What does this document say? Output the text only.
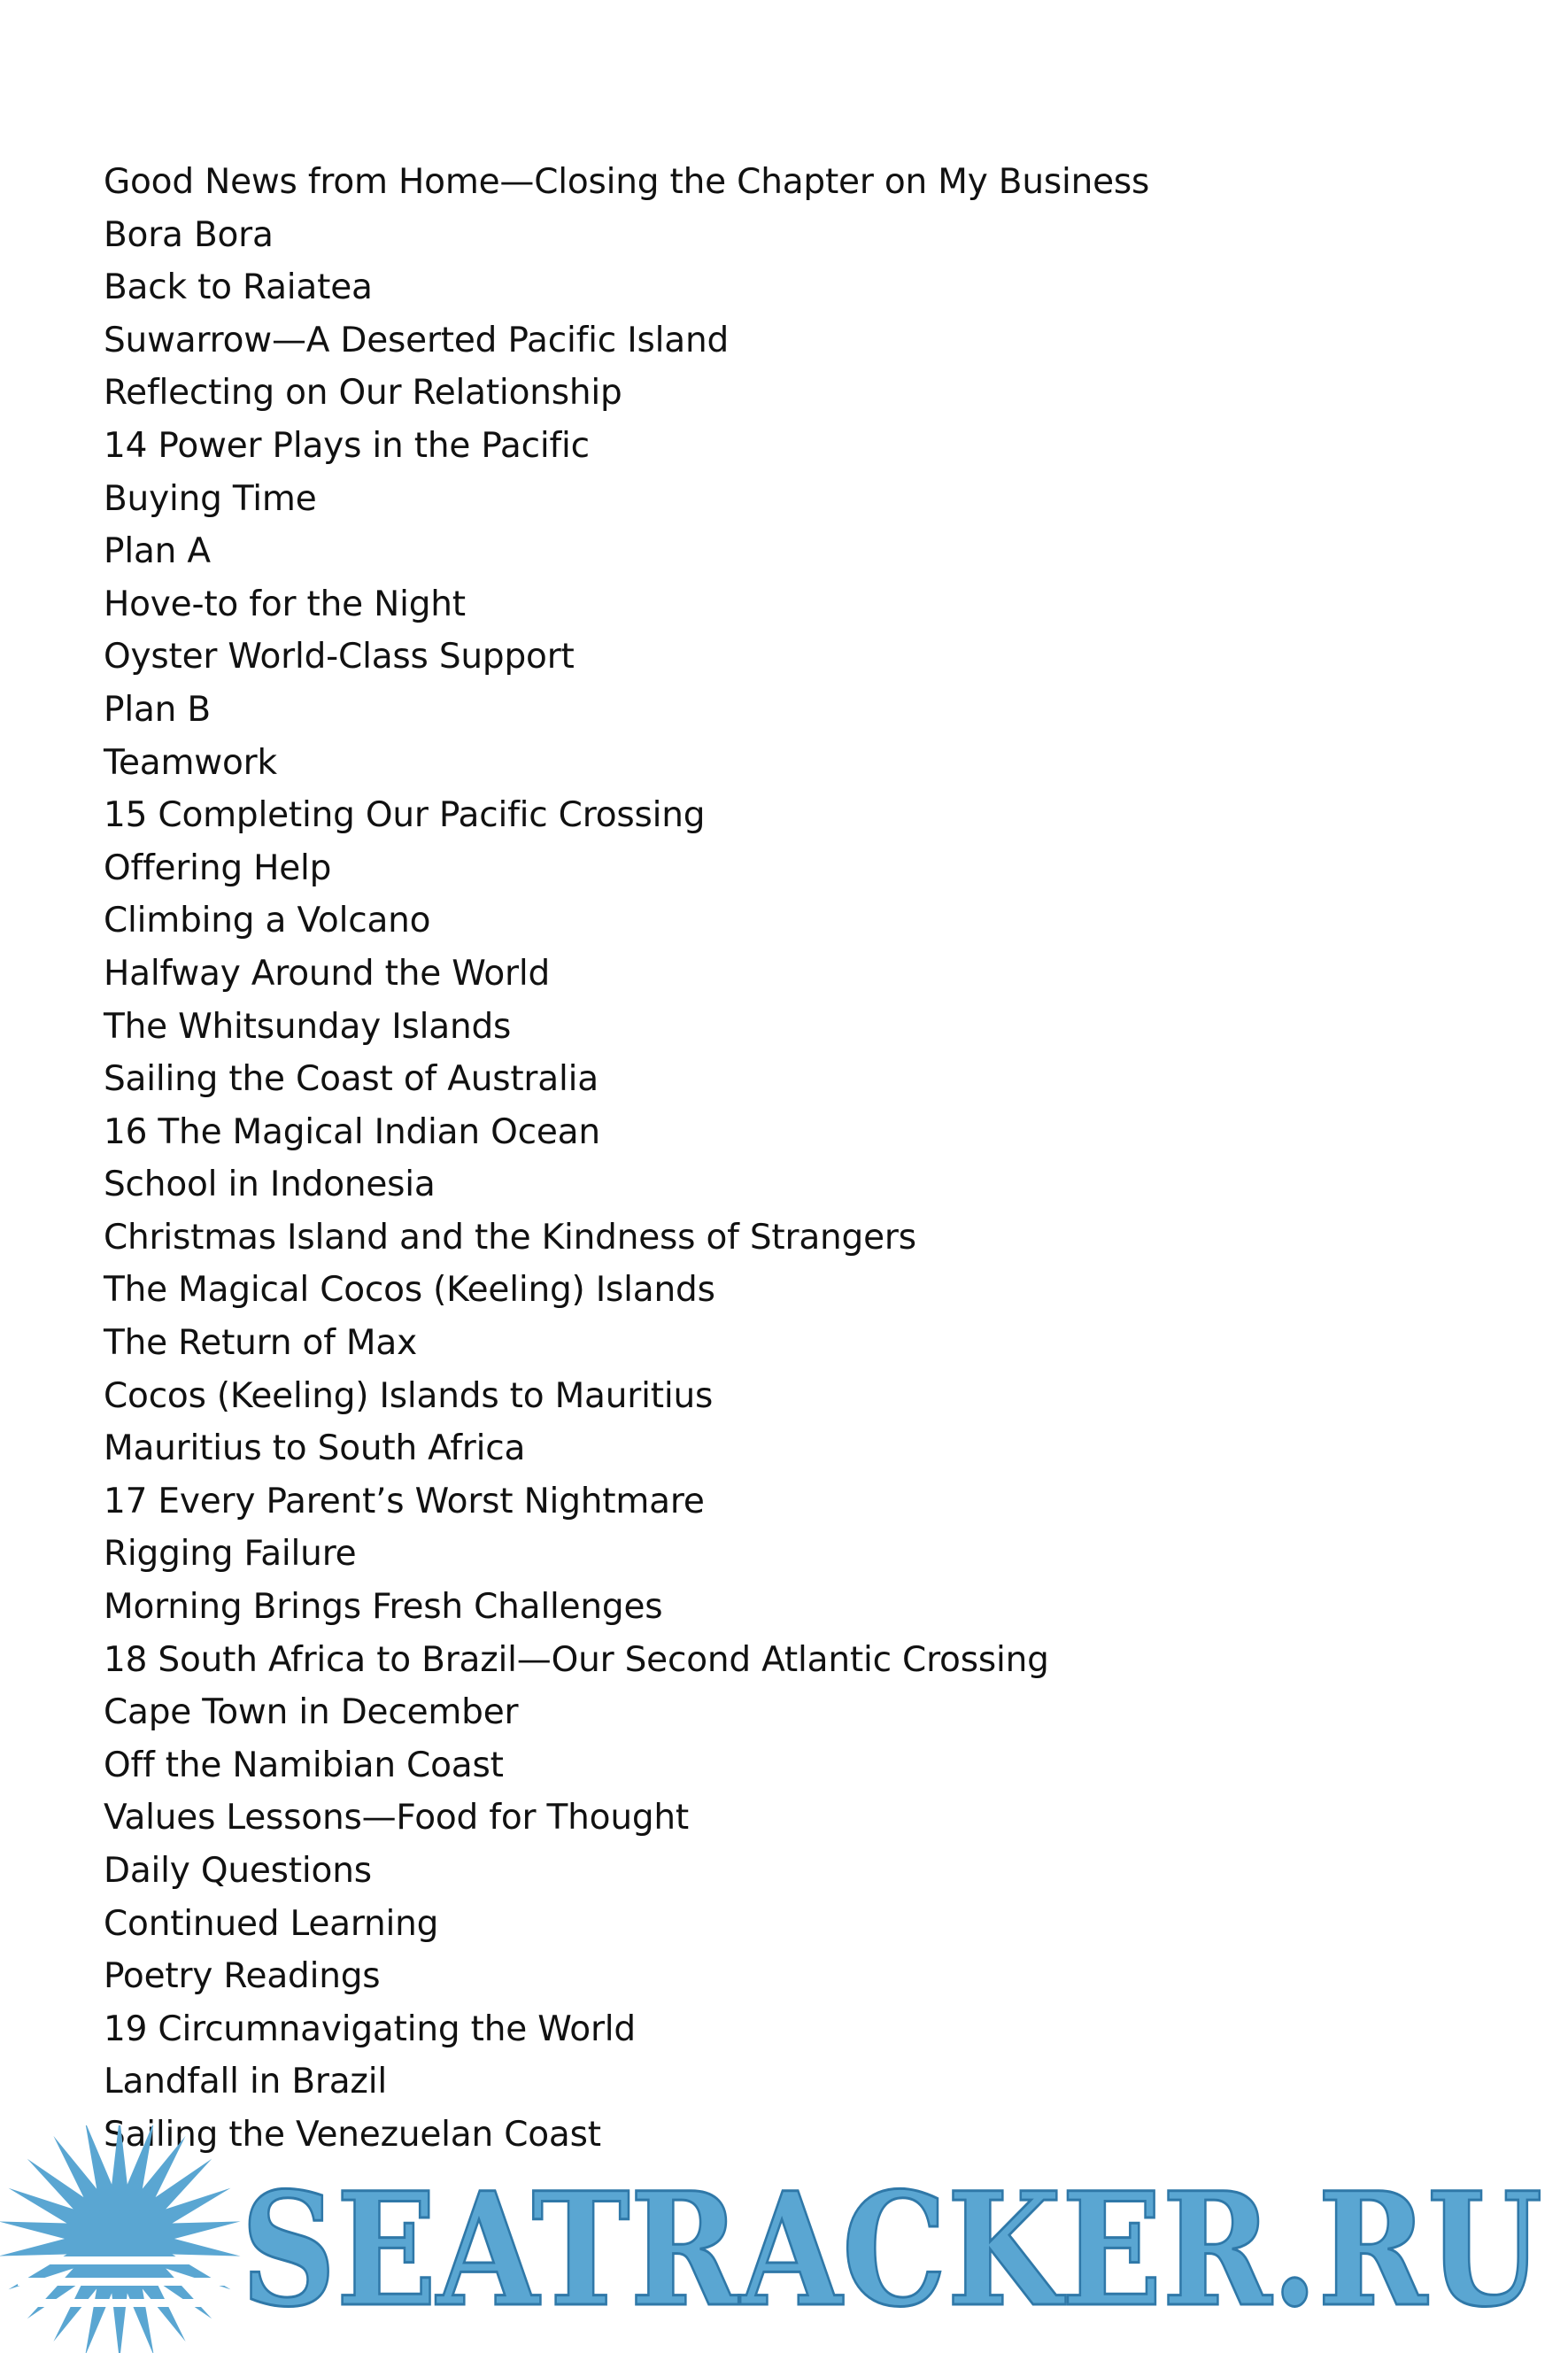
Good News from Home—Closing the Chapter on My Business
Bora Bora
Back to Raiatea
Suwarrow—A Deserted Pacific Island
Reflecting on Our Relationship
14 Power Plays in the Pacific
Buying Time
Plan A
Hove-to for the Night
Oyster World-Class Support
Plan B
Teamwork
15 Completing Our Pacific Crossing
Offering Help
Climbing a Volcano
Halfway Around the World
The Whitsunday Islands
Sailing the Coast of Australia
16 The Magical Indian Ocean
School in Indonesia
Christmas Island and the Kindness of Strangers
The Magical Cocos (Keeling) Islands
The Return of Max
Cocos (Keeling) Islands to Mauritius
Mauritius to South Africa
17 Every Parent’s Worst Nightmare
Rigging Failure
Morning Brings Fresh Challenges
18 South Africa to Brazil—Our Second Atlantic Crossing
Cape Town in December
Off the Namibian Coast
Values Lessons—Food for Thought
Daily Questions
Continued Learning
Poetry Readings
19 Circumnavigating the World
Landfall in Brazil
Sailing the Venezuelan Coast
SEATRACKER.RU
